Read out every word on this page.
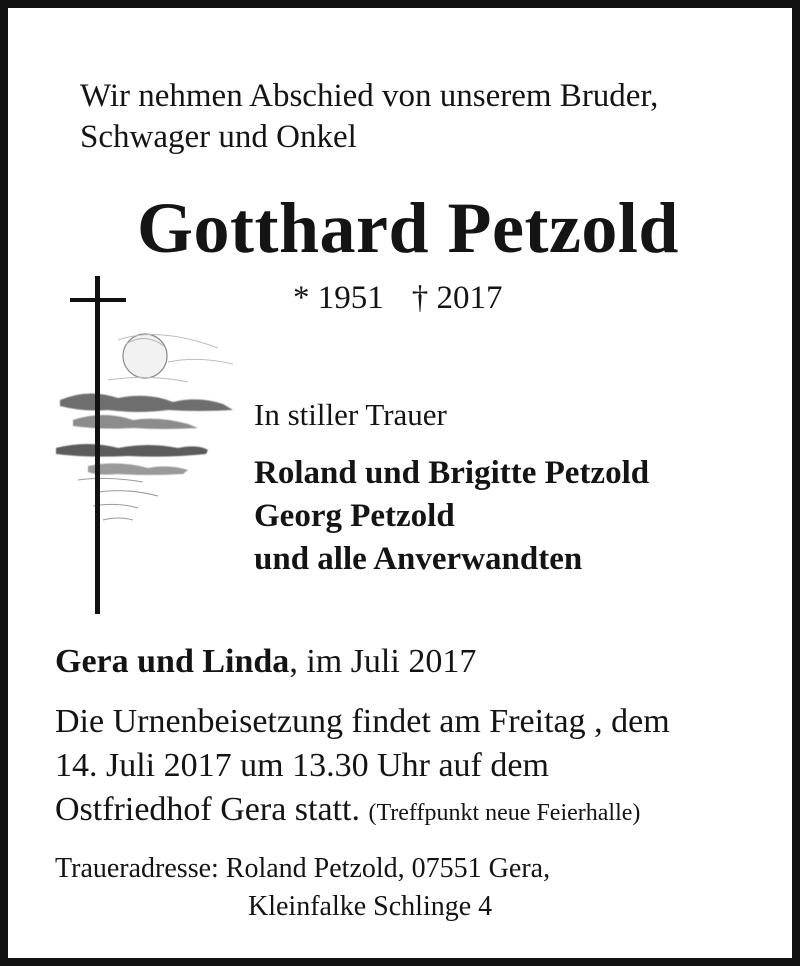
Wir nehmen Abschied von unserem Bruder,
Schwager und Onkel
Gotthard Petzold
* 1951 † 2017
In stiller Trauer
Roland und Brigitte Petzold
Georg Petzold
und alle Anverwandten
Gera und Linda, im Juli 2017
Die Urnenbeisetzung findet am Freitag , dem
14. Juli 2017 um 13.30 Uhr auf dem
Ostfriedhof Gera statt. (Treffpunkt neue Feierhalle)
Traueradresse: Roland Petzold, 07551 Gera,
Kleinfalke Schlinge 4
